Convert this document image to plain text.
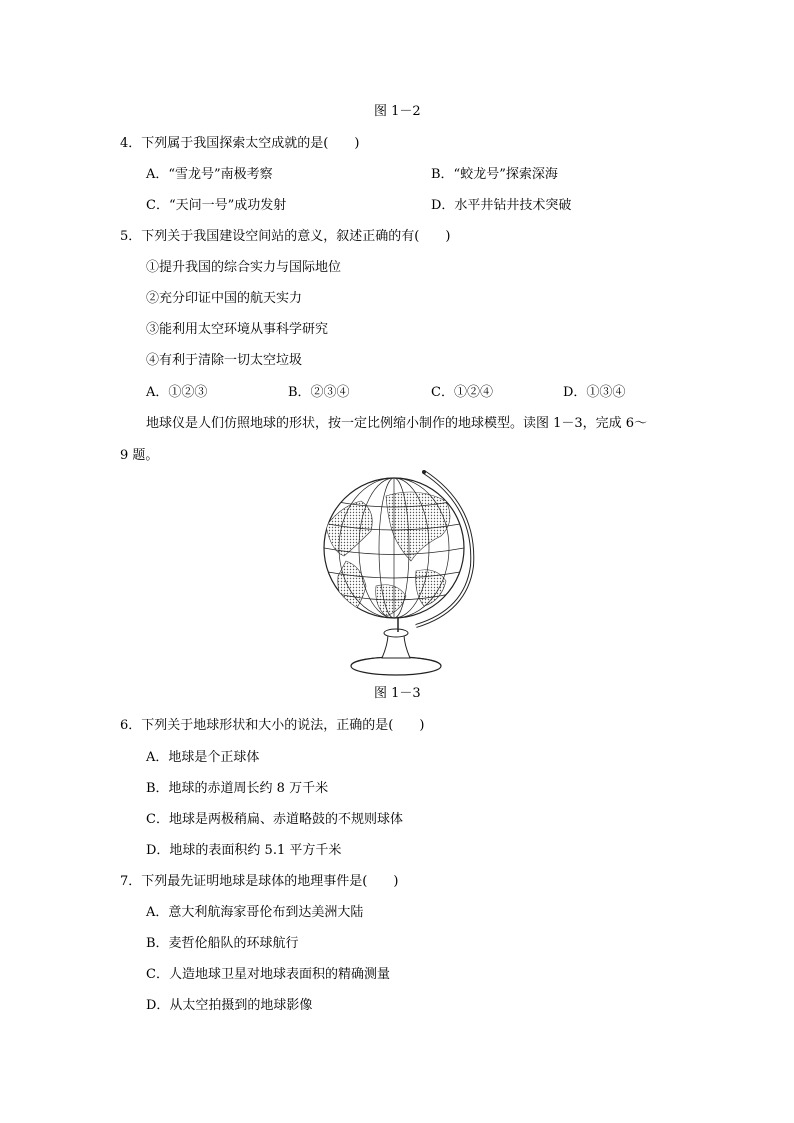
图 1－2
4．下列属于我国探索太空成就的是(　　)
A．“雪龙号”南极考察	B．“蛟龙号”探索深海
C．“天问一号”成功发射	D．水平井钻井技术突破
5．下列关于我国建设空间站的意义，叙述正确的有(　　)
①提升我国的综合实力与国际地位
②充分印证中国的航天实力
③能利用太空环境从事科学研究
④有利于清除一切太空垃圾
A．①②③	B．②③④	C．①②④	D．①③④
地球仪是人们仿照地球的形状，按一定比例缩小制作的地球模型。读图 1－3，完成 6～
9 题。
图 1－3
6．下列关于地球形状和大小的说法，正确的是(　　)
A．地球是个正球体
B．地球的赤道周长约 8 万千米
C．地球是两极稍扁、赤道略鼓的不规则球体
D．地球的表面积约 5.1 平方千米
7．下列最先证明地球是球体的地理事件是(　　)
A．意大利航海家哥伦布到达美洲大陆
B．麦哲伦船队的环球航行
C．人造地球卫星对地球表面积的精确测量
D．从太空拍摄到的地球影像
